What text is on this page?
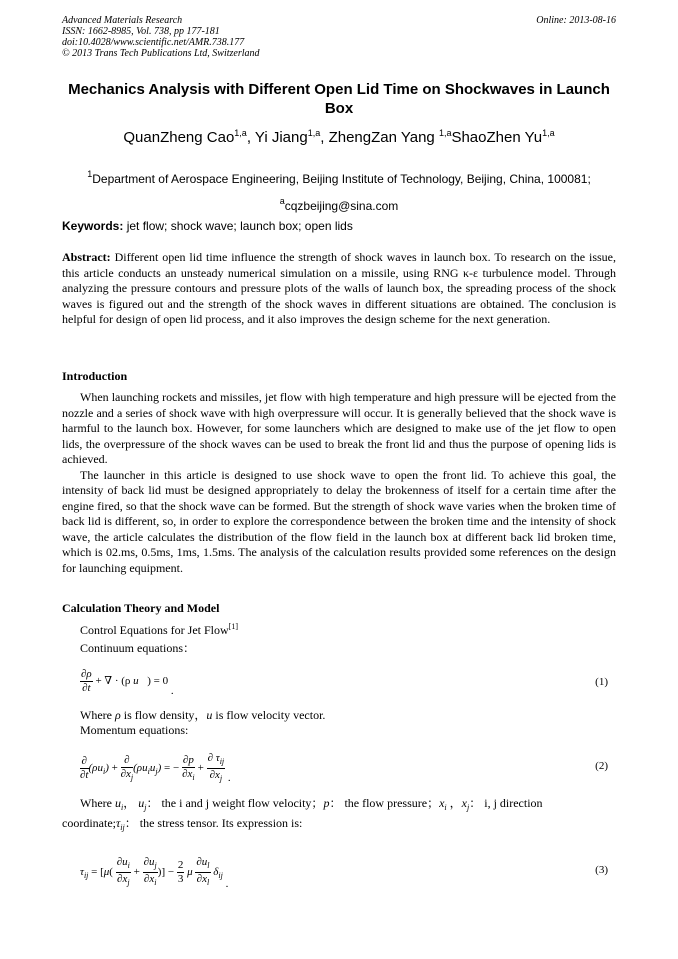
Advanced Materials Research
ISSN: 1662-8985, Vol. 738, pp 177-181
doi:10.4028/www.scientific.net/AMR.738.177
© 2013 Trans Tech Publications Ltd, Switzerland
Online: 2013-08-16
Mechanics Analysis with Different Open Lid Time on Shockwaves in Launch Box
QuanZheng Cao$^{1,a}$, Yi Jiang$^{1,a}$, ZhengZan Yang $^{1,a}$ShaoZhen Yu$^{1,a}$
$^1$Department of Aerospace Engineering, Beijing Institute of Technology, Beijing, China, 100081;
$^a$cqzbeijing@sina.com
Keywords: jet flow; shock wave; launch box; open lids

Abstract: Different open lid time influence the strength of shock waves in launch box. To research on the issue, this article conducts an unsteady numerical simulation on a missile, using RNG κ-ε turbulence model. Through analyzing the pressure contours and pressure plots of the walls of launch box, the spreading process of the shock waves is figured out and the strength of the shock waves in different situations are obtained. The conclusion is helpful for design of open lid process, and it also improves the design scheme for the next generation.

Introduction

When launching rockets and missiles, jet flow with high temperature and high pressure will be ejected from the nozzle and a series of shock wave with high overpressure will occur. It is generally believed that the shock wave is harmful to the launch box. However, for some launchers which are designed to make use of the jet flow to open lids, the overpressure of the shock waves can be used to break the front lid and thus the purpose of opening lids is achieved.

The launcher in this article is designed to use shock wave to open the front lid. To achieve this goal, the intensity of back lid must be designed appropriately to delay the brokenness of itself for a certain time after the engine fired, so that the shock wave can be formed. But the strength of shock wave varies when the broken time of back lid is different, so, in order to explore the correspondence between the broken time and the intensity of shock wave, the article calculates the distribution of the flow field in the launch box at different back lid broken time, which is 02.ms, 0.5ms, 1ms, 1.5ms. The analysis of the calculation results provided some references on the design for launching equipment.

Calculation Theory and Model
Control Equations for Jet Flow[1]
Continuum equations：
$\frac{\partial\rho}{\partial t}$ + ∇ · (ρ u⃗) = 0 .
(1)
Where ρ is flow density，u is flow velocity vector.
Momentum equations:
$\frac{\partial}{\partial t} (\rho u_i) + \frac{\partial}{\partial x_j} (\rho u_iu_j)$ = − $\frac{\partial p}{\partial x_i} + \frac{\partial \tau_{ij}}{\partial x_j}$ .
(2)

Where $u_i$， $u_j$： the i and j weight flow velocity；p： the flow pressure；$x_i$ ，$x_j$： i, j direction

$coordinate;\tau_{ij}$： the stress tensor. Its expression is:

$\tau_{ij} = [\mu( \frac{\partial u_i}{\partial x_j} + \frac{\partial u_j}{\partial x_i}$ )] − $\frac{2}{3}$ μ $\frac{\partial u_l}{\partial x_l} \delta_{ij}$ .
(3)
